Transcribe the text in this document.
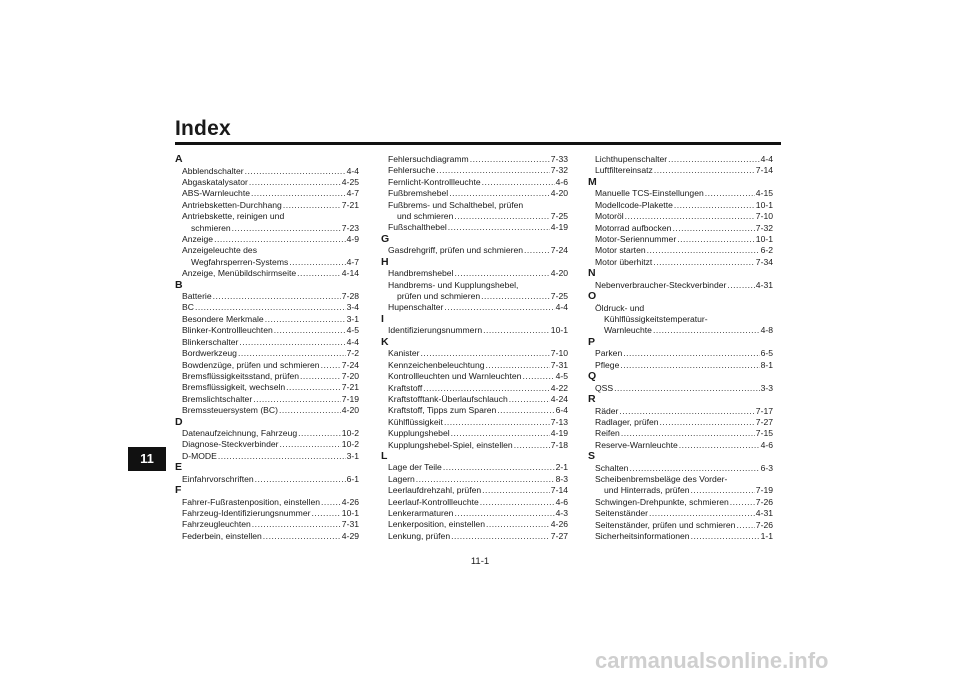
Index
11
A
Abblendschalter .....	4-4
Abgaskatalysator .....	4-25
ABS-Warnleuchte .....	4-7
Antriebsketten-Durchhang .....	7-21
Antriebskette, reinigen und
schmieren .....	7-23
Anzeige .....	4-9
Anzeigeleuchte des
Wegfahrsperren-Systems .....	4-7
Anzeige, Menübildschirmseite .....	4-14
B
Batterie .....	7-28
BC .....	3-4
Besondere Merkmale .....	3-1
Blinker-Kontrollleuchten .....	4-5
Blinkerschalter .....	4-4
Bordwerkzeug .....	7-2
Bowdenzüge, prüfen und schmieren .....	7-24
Bremsflüssigkeitsstand, prüfen .....	7-20
Bremsflüssigkeit, wechseln .....	7-21
Bremslichtschalter .....	7-19
Bremssteuersystem (BC) .....	4-20
D
Datenaufzeichnung, Fahrzeug .....	10-2
Diagnose-Steckverbinder .....	10-2
D-MODE .....	3-1
E
Einfahrvorschriften .....	6-1
F
Fahrer-Fußrastenposition, einstellen .....	4-26
Fahrzeug-Identifizierungsnummer .....	10-1
Fahrzeugleuchten .....	7-31
Federbein, einstellen .....	4-29
Fehlersuchdiagramm .....	7-33
Fehlersuche .....	7-32
Fernlicht-Kontrollleuchte .....	4-6
Fußbremshebel .....	4-20
Fußbrems- und Schalthebel, prüfen
und schmieren .....	7-25
Fußschalthebel .....	4-19
G
Gasdrehgriff, prüfen und schmieren .....	7-24
H
Handbremshebel .....	4-20
Handbrems- und Kupplungshebel,
prüfen und schmieren .....	7-25
Hupenschalter .....	4-4
I
Identifizierungsnummern .....	10-1
K
Kanister .....	7-10
Kennzeichenbeleuchtung .....	7-31
Kontrollleuchten und Warnleuchten .....	4-5
Kraftstoff .....	4-22
Kraftstofftank-Überlaufschlauch .....	4-24
Kraftstoff, Tipps zum Sparen .....	6-4
Kühlflüssigkeit .....	7-13
Kupplungshebel .....	4-19
Kupplungshebel-Spiel, einstellen .....	7-18
L
Lage der Teile .....	2-1
Lagern .....	8-3
Leerlaufdrehzahl, prüfen .....	7-14
Leerlauf-Kontrollleuchte .....	4-6
Lenkerarmaturen .....	4-3
Lenkerposition, einstellen .....	4-26
Lenkung, prüfen .....	7-27
Lichthupenschalter .....	4-4
Luftfiltereinsatz .....	7-14
M
Manuelle TCS-Einstellungen .....	4-15
Modellcode-Plakette .....	10-1
Motoröl .....	7-10
Motorrad aufbocken .....	7-32
Motor-Seriennummer .....	10-1
Motor starten .....	6-2
Motor überhitzt .....	7-34
N
Nebenverbraucher-Steckverbinder .....	4-31
O
Öldruck- und
Kühlflüssigkeitstemperatur-
Warnleuchte .....	4-8
P
Parken .....	6-5
Pflege .....	8-1
Q
QSS .....	3-3
R
Räder .....	7-17
Radlager, prüfen .....	7-27
Reifen .....	7-15
Reserve-Warnleuchte .....	4-6
S
Schalten .....	6-3
Scheibenbremsbeläge des Vorder-
und Hinterrads, prüfen .....	7-19
Schwingen-Drehpunkte, schmieren .....	7-26
Seitenständer .....	4-31
Seitenständer, prüfen und schmieren ..... 7-26
Sicherheitsinformationen .....	1-1
11-1
carmanualsonline.info
